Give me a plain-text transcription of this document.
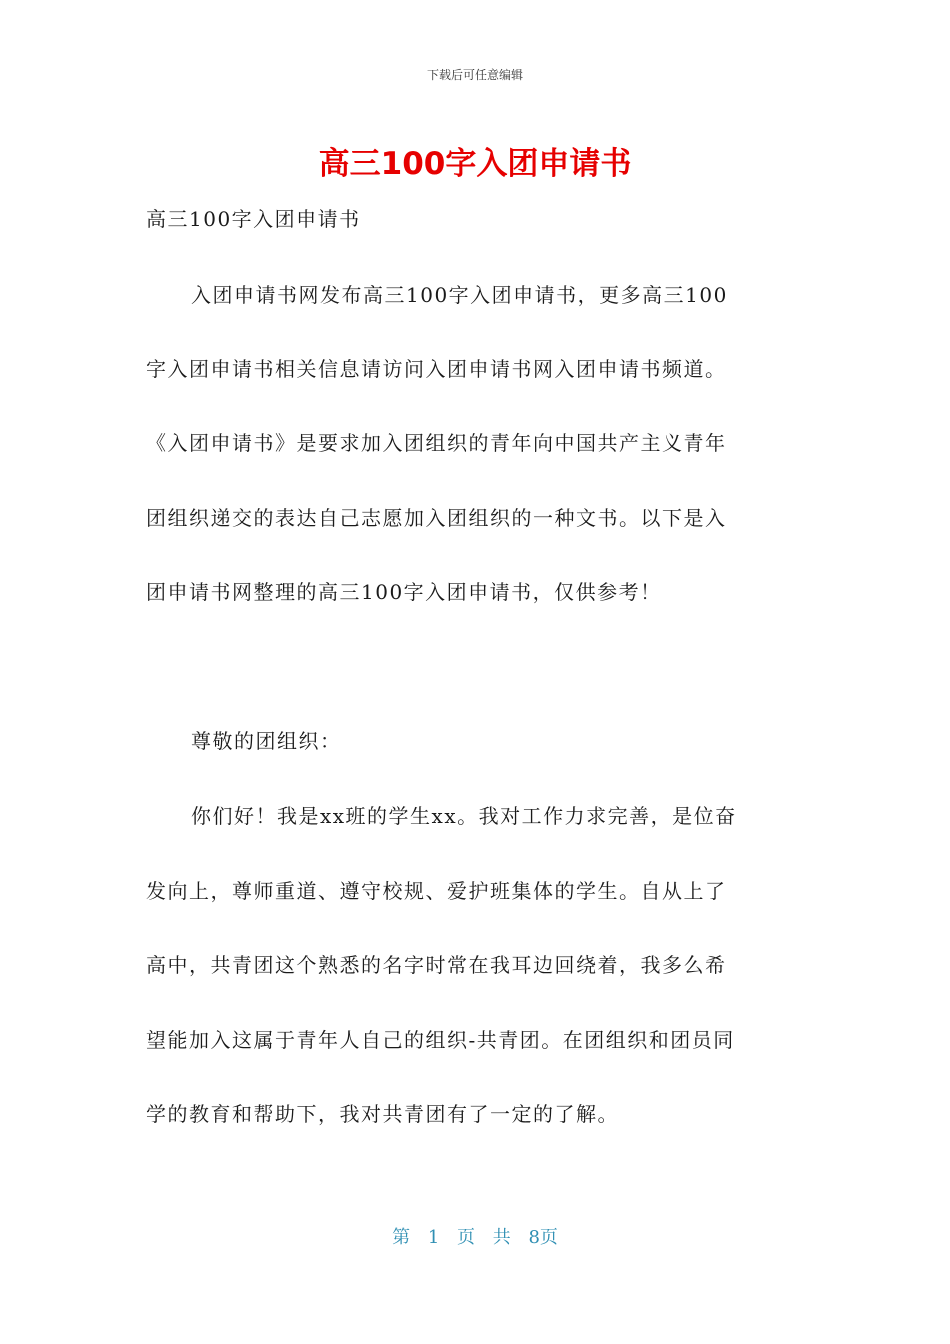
下载后可任意编辑
高三100字入团申请书
高三100字入团申请书
入团申请书网发布高三100字入团申请书，更多高三100
字入团申请书相关信息请访问入团申请书网入团申请书频道。
《入团申请书》是要求加入团组织的青年向中国共产主义青年
团组织递交的表达自己志愿加入团组织的一种文书。以下是入
团申请书网整理的高三100字入团申请书，仅供参考！
尊敬的团组织：
你们好！我是xx班的学生xx。我对工作力求完善，是位奋
发向上，尊师重道、遵守校规、爱护班集体的学生。自从上了
高中，共青团这个熟悉的名字时常在我耳边回绕着，我多么希
望能加入这属于青年人自己的组织-共青团。在团组织和团员同
学的教育和帮助下，我对共青团有了一定的了解。
第 1 页 共 8页
